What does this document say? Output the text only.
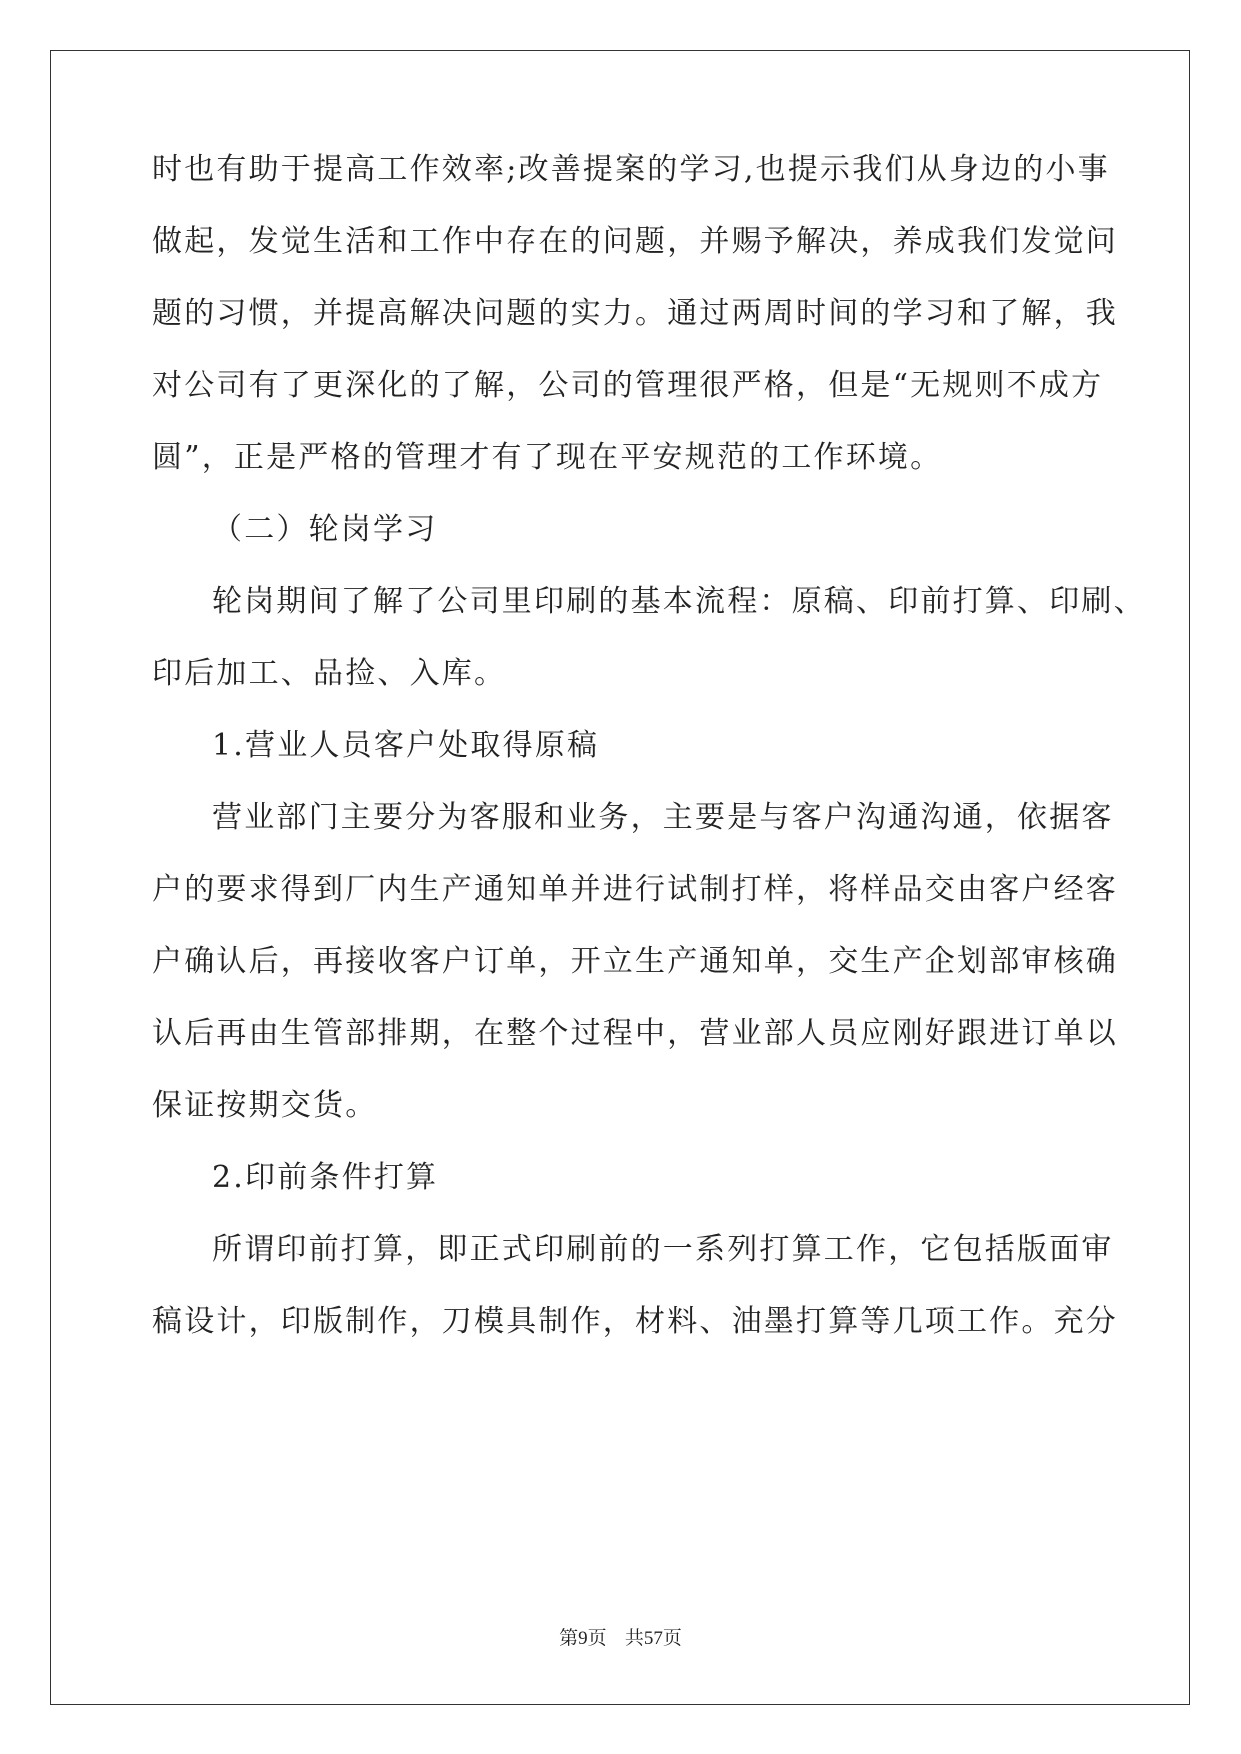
时也有助于提高工作效率;改善提案的学习,也提示我们从身边的小事
做起，发觉生活和工作中存在的问题，并赐予解决，养成我们发觉问
题的习惯，并提高解决问题的实力。通过两周时间的学习和了解，我
对公司有了更深化的了解，公司的管理很严格，但是“无规则不成方
圆”，正是严格的管理才有了现在平安规范的工作环境。
（二）轮岗学习
轮岗期间了解了公司里印刷的基本流程：原稿、印前打算、印刷、
印后加工、品捡、入库。
1.营业人员客户处取得原稿
营业部门主要分为客服和业务，主要是与客户沟通沟通，依据客
户的要求得到厂内生产通知单并进行试制打样，将样品交由客户经客
户确认后，再接收客户订单，开立生产通知单，交生产企划部审核确
认后再由生管部排期，在整个过程中，营业部人员应刚好跟进订单以
保证按期交货。
2.印前条件打算
所谓印前打算，即正式印刷前的一系列打算工作，它包括版面审
稿设计，印版制作，刀模具制作，材料、油墨打算等几项工作。充分
第9页 共57页
